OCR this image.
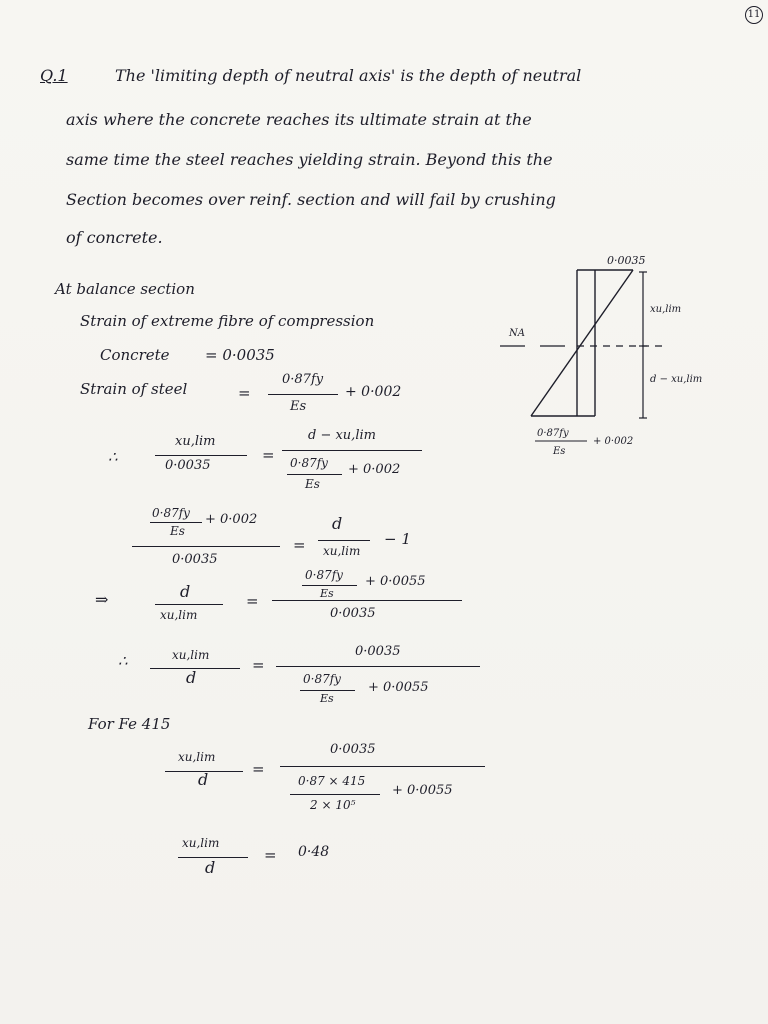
11
Q.1	The 'limiting depth of neutral axis' is the depth of neutral
axis where the concrete reaches its ultimate strain at the
same time the steel reaches yielding strain. Beyond this the
Section becomes over reinf. section and will fail by crushing
of concrete.
At balance section
Strain of extreme fibre of compression
Concrete = 0·0035
Strain of steel	=
0·87fy
Es
+ 0·002
∴
xu,lim
0·0035
=
d − xu,lim
0·87fy
Es
+ 0·002
0·87fy
Es
+ 0·002
0·0035
=
d
xu,lim
− 1
⇒	d
xu,lim
=
0·87fy
Es
+ 0·0055
0·0035
∴	xu,lim
d
=
0·0035
0·87fy
Es
+ 0·0055
For Fe 415
xu,lim
d
=
0·0035
0·87 × 415
2 × 10⁵
+ 0·0055
xu,lim
d
= 0·48
0·0035
NA
xu,lim
d − xu,lim
0·87fy
Es
+ 0·002
